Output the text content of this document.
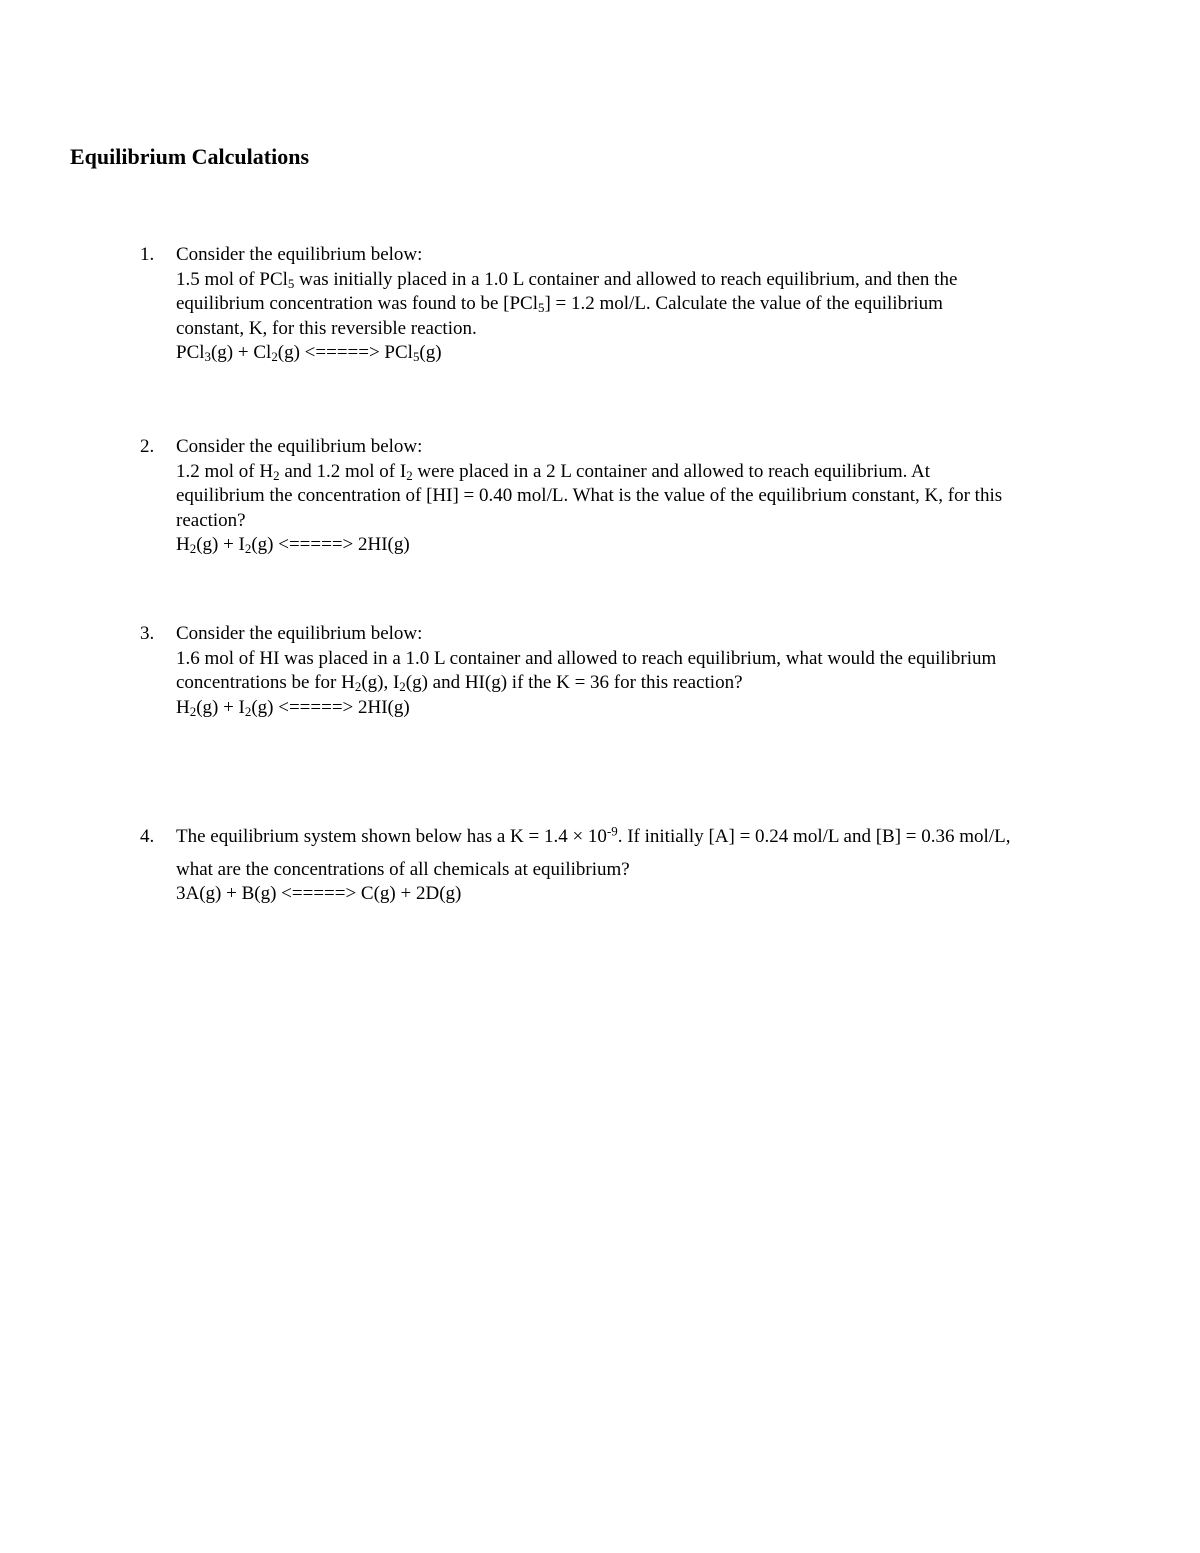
Equilibrium Calculations
1.	Consider the equilibrium below:
1.5 mol of PCl$_5$ was initially placed in a 1.0 L container and allowed to reach equilibrium, and then the
equilibrium concentration was found to be [PCl$_5$] = 1.2 mol/L. Calculate the value of the equilibrium
constant, K, for this reversible reaction.
$PCl_3(g) + Cl_2(g)$ <=====> PCl$_5$(g)
2.	Consider the equilibrium below:
1.2 mol of $H_2$ and 1.2 mol of $I_2$ were placed in a 2 L container and allowed to reach equilibrium. At
equilibrium the concentration of [HI] = 0.40 mol/L. What is the value of the equilibrium constant, K, for this
reaction?
$H_2(g) + I_2(g)$ <=====> 2HI(g)
3.	Consider the equilibrium below:
1.6 mol of HI was placed in a 1.0 L container and allowed to reach equilibrium, what would the equilibrium
concentrations be for $H_2(g)$, $I_2(g)$ and HI(g) if the K = 36 for this reaction?
$H_2(g) + I_2(g)$ <=====> 2HI(g)
4.	The equilibrium system shown below has a $K = 1.4 \times 10^{-9}$. If initially [A] = 0.24 mol/L and [B] = 0.36 mol/L,
what are the concentrations of all chemicals at equilibrium?
3A(g) + B(g) <=====> C(g) + 2D(g)
